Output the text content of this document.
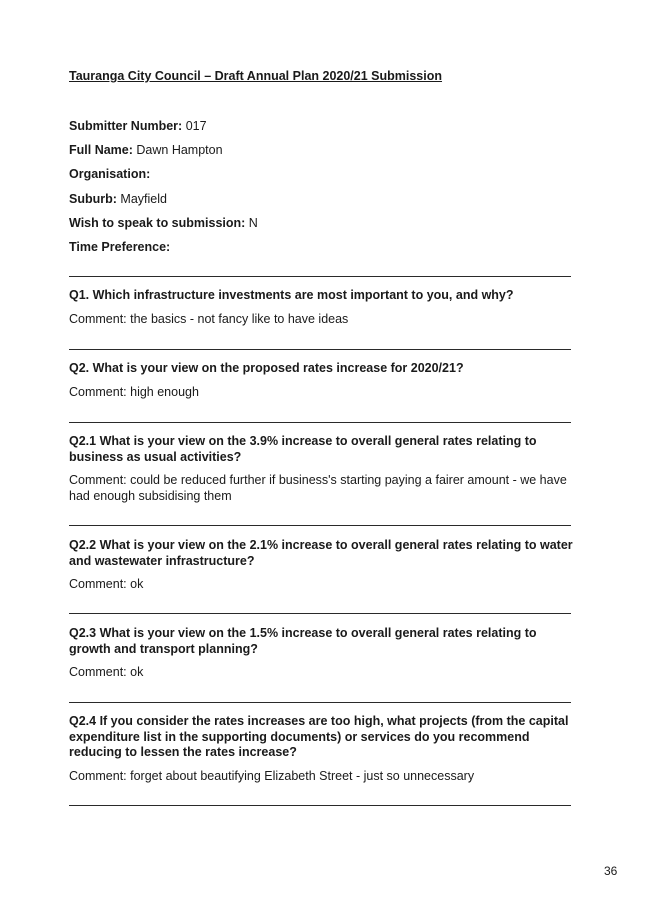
Tauranga City Council – Draft Annual Plan 2020/21 Submission
Submitter Number: 017
Full Name: Dawn Hampton
Organisation:
Suburb: Mayfield
Wish to speak to submission: N
Time Preference:

Q1. Which infrastructure investments are most important to you, and why?

Comment: the basics - not fancy like to have ideas

Q2. What is your view on the proposed rates increase for 2020/21?

Comment: high enough

Q2.1 What is your view on the 3.9% increase to overall general rates relating to business as usual activities?

Comment: could be reduced further if business's starting paying a fairer amount - we have had enough subsidising them

Q2.2 What is your view on the 2.1% increase to overall general rates relating to water and wastewater infrastructure?

Comment: ok

Q2.3 What is your view on the 1.5% increase to overall general rates relating to growth and transport planning?

Comment: ok

Q2.4 If you consider the rates increases are too high, what projects (from the capital expenditure list in the supporting documents) or services do you recommend reducing to lessen the rates increase?

Comment: forget about beautifying Elizabeth Street - just so unnecessary

36
